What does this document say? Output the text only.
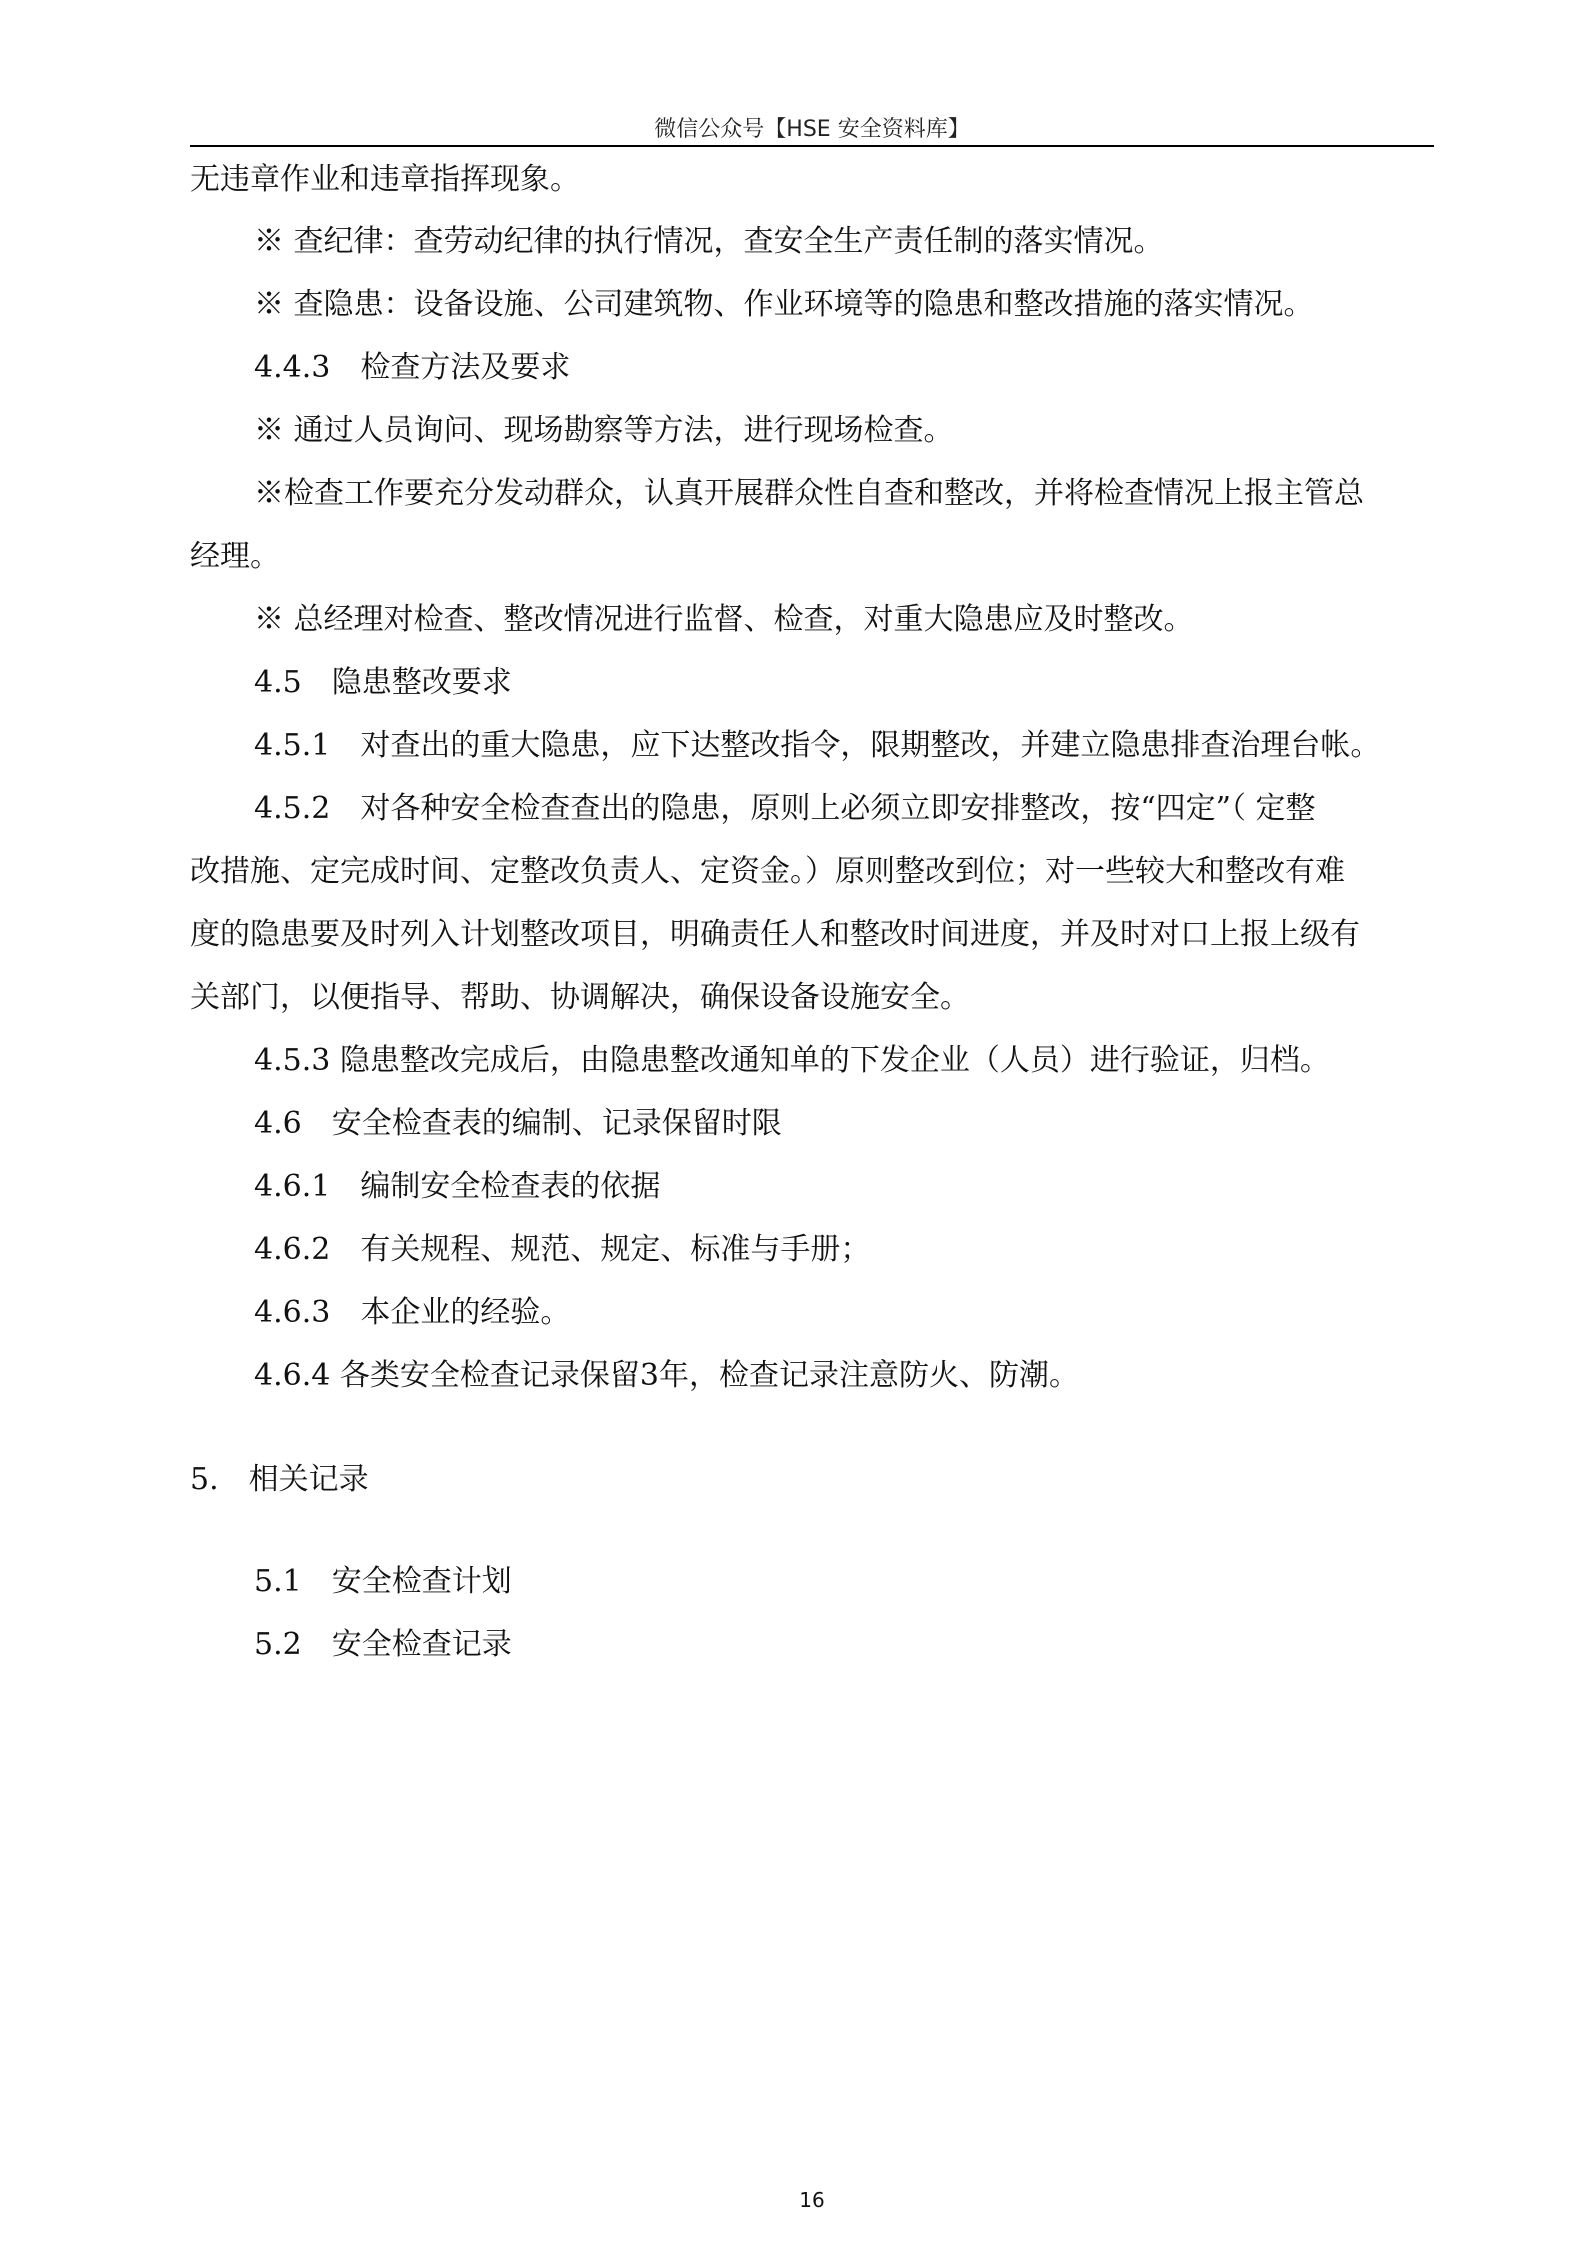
微信公众号【HSE 安全资料库】
无违章作业和违章指挥现象。
※ 查纪律：查劳动纪律的执行情况，查安全生产责任制的落实情况。
※ 查隐患：设备设施、公司建筑物、作业环境等的隐患和整改措施的落实情况。
4.4.3　检查方法及要求
※ 通过人员询问、现场勘察等方法，进行现场检查。
※检查工作要充分发动群众，认真开展群众性自查和整改，并将检查情况上报主管总
经理。
※ 总经理对检查、整改情况进行监督、检查，对重大隐患应及时整改。
4.5　隐患整改要求
4.5.1　对查出的重大隐患，应下达整改指令，限期整改，并建立隐患排查治理台帐。
4.5.2　对各种安全检查查出的隐患，原则上必须立即安排整改，按“四定”（ 定整
改措施、定完成时间、定整改负责人、定资金。）原则整改到位；对一些较大和整改有难
度的隐患要及时列入计划整改项目，明确责任人和整改时间进度，并及时对口上报上级有
关部门，以便指导、帮助、协调解决，确保设备设施安全。
4.5.3 隐患整改完成后，由隐患整改通知单的下发企业（人员）进行验证，归档。
4.6　安全检查表的编制、记录保留时限
4.6.1　编制安全检查表的依据
4.6.2　有关规程、规范、规定、标准与手册；
4.6.3　本企业的经验。
4.6.4 各类安全检查记录保留3年，检查记录注意防火、防潮。
5.　相关记录
5.1　安全检查计划
5.2　安全检查记录
16
